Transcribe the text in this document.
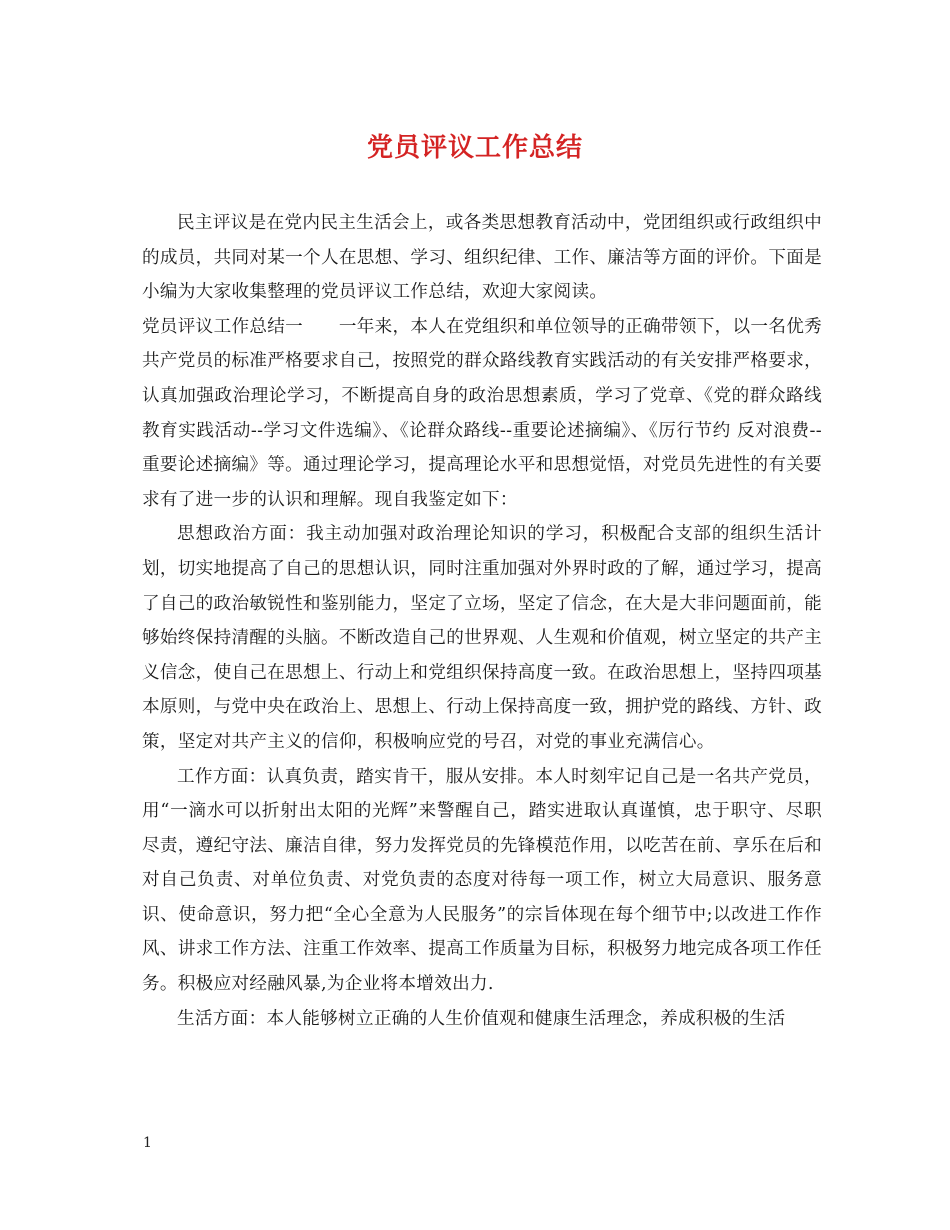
党员评议工作总结

民主评议是在党内民主生活会上，或各类思想教育活动中，党团组织或行政组织中的成员，共同对某一个人在思想、学习、组织纪律、工作、廉洁等方面的评价。下面是小编为大家收集整理的党员评议工作总结，欢迎大家阅读。

党员评议工作总结一　　一年来，本人在党组织和单位领导的正确带领下，以一名优秀共产党员的标准严格要求自己，按照党的群众路线教育实践活动的有关安排严格要求，认真加强政治理论学习，不断提高自身的政治思想素质，学习了党章、《党的群众路线教育实践活动--学习文件选编》、《论群众路线--重要论述摘编》、《厉行节约 反对浪费--重要论述摘编》等。通过理论学习，提高理论水平和思想觉悟，对党员先进性的有关要求有了进一步的认识和理解。现自我鉴定如下：

思想政治方面：我主动加强对政治理论知识的学习，积极配合支部的组织生活计划，切实地提高了自己的思想认识，同时注重加强对外界时政的了解，通过学习，提高了自己的政治敏锐性和鉴别能力，坚定了立场，坚定了信念，在大是大非问题面前，能够始终保持清醒的头脑。不断改造自己的世界观、人生观和价值观，树立坚定的共产主义信念，使自己在思想上、行动上和党组织保持高度一致。在政治思想上，坚持四项基本原则，与党中央在政治上、思想上、行动上保持高度一致，拥护党的路线、方针、政策，坚定对共产主义的信仰，积极响应党的号召，对党的事业充满信心。

工作方面：认真负责，踏实肯干，服从安排。本人时刻牢记自己是一名共产党员，用“一滴水可以折射出太阳的光辉”来警醒自己，踏实进取认真谨慎，忠于职守、尽职尽责，遵纪守法、廉洁自律，努力发挥党员的先锋模范作用，以吃苦在前、享乐在后和对自己负责、对单位负责、对党负责的态度对待每一项工作，树立大局意识、服务意识、使命意识，努力把“全心全意为人民服务”的宗旨体现在每个细节中;以改进工作作风、讲求工作方法、注重工作效率、提高工作质量为目标，积极努力地完成各项工作任务。积极应对经融风暴,为企业将本增效出力.

生活方面：本人能够树立正确的人生价值观和健康生活理念，养成积极的生活

1
